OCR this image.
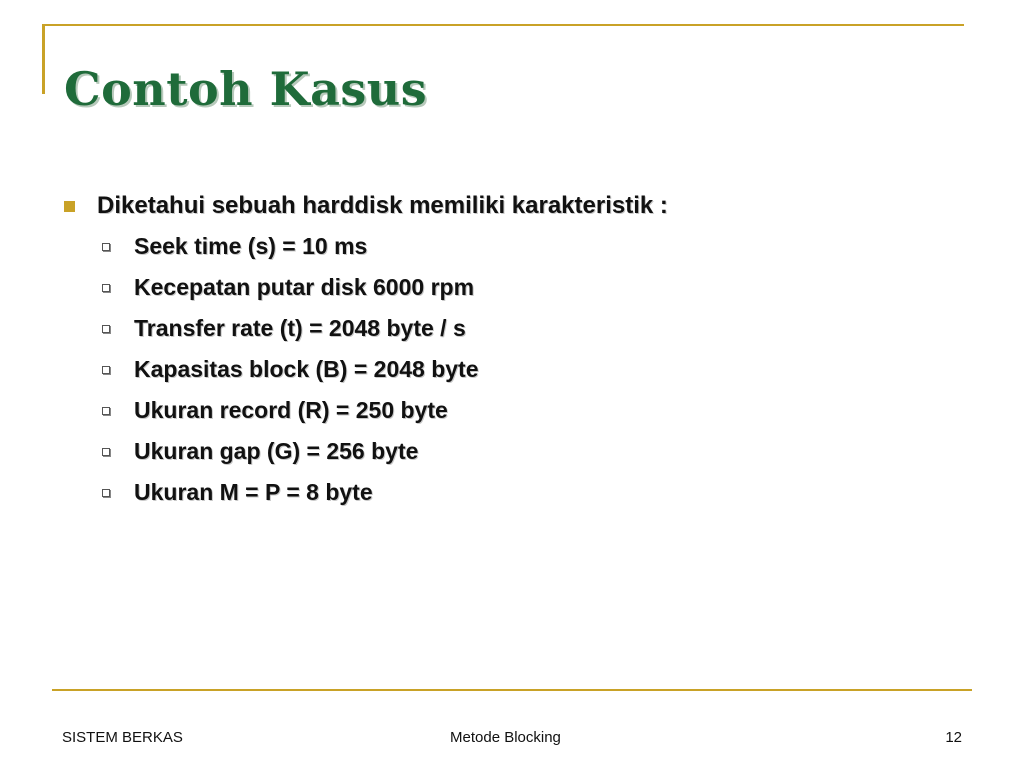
Contoh Kasus
Diketahui sebuah harddisk memiliki karakteristik :
Seek time (s) = 10 ms
Kecepatan putar disk 6000 rpm
Transfer rate (t) = 2048 byte / s
Kapasitas block (B) = 2048 byte
Ukuran record (R) = 250 byte
Ukuran gap (G) = 256 byte
Ukuran M = P = 8 byte
SISTEM BERKAS	Metode Blocking	12
